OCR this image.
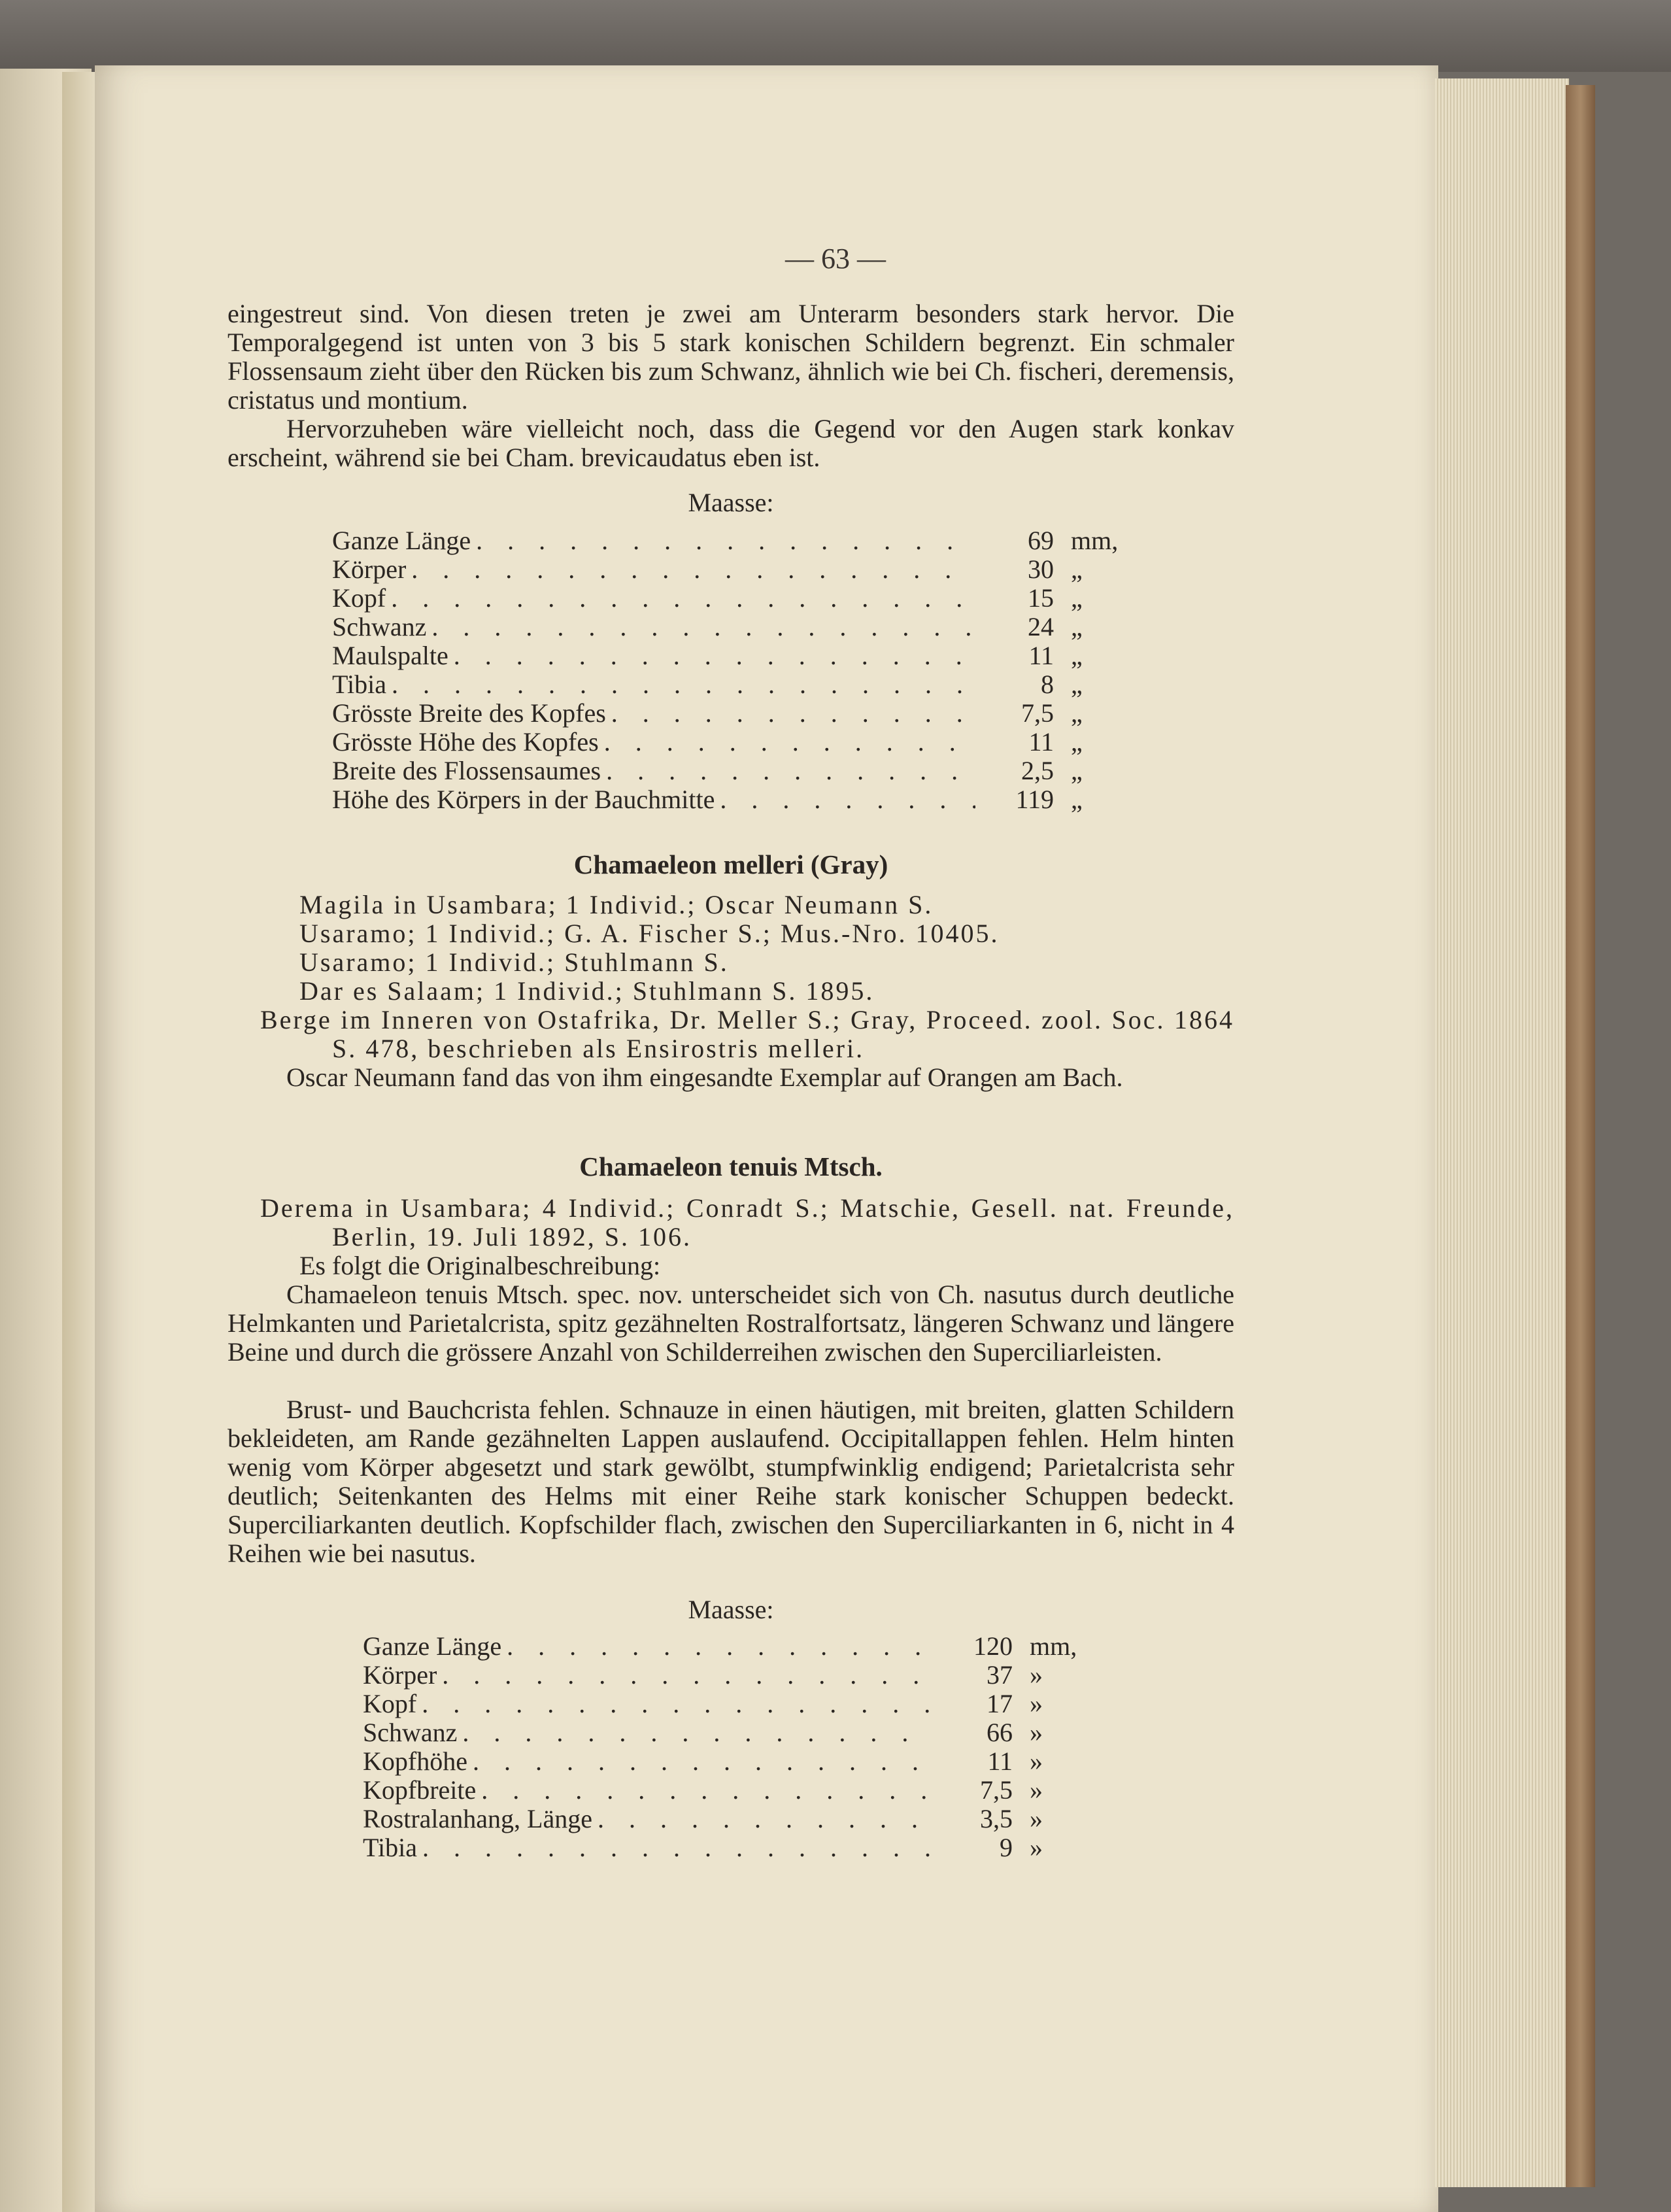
— 63 —

eingestreut sind. Von diesen treten je zwei am Unterarm besonders stark hervor. Die Temporalgegend ist unten von 3 bis 5 stark konischen Schildern begrenzt. Ein schmaler Flossensaum zieht über den Rücken bis zum Schwanz, ähnlich wie bei Ch. fischeri, deremensis, cristatus und montium.

Hervorzuheben wäre vielleicht noch, dass die Gegend vor den Augen stark konkav erscheint, während sie bei Cham. brevicaudatus eben ist.

Maasse:

Ganze Länge . . .	69 mm,
Körper . . .	30 „
Kopf . . .	15 „
Schwanz . . .	24 „
Maulspalte . . .	11 „
Tibia . . .	8 „
Grösste Breite des Kopfes . . .	7,5 „
Grösste Höhe des Kopfes . . .	11 „
Breite des Flossensaumes . . .	2,5 „
Höhe des Körpers in der Bauchmitte . . .	119 „
Chamaeleon melleri (Gray)

Magila in Usambara; 1 Individ.; Oscar Neumann S.

Usaramo; 1 Individ.; G. A. Fischer S.; Mus.-Nro. 10405.

Usaramo; 1 Individ.; Stuhlmann S.

Dar es Salaam; 1 Individ.; Stuhlmann S. 1895.

Berge im Inneren von Ostafrika, Dr. Meller S.; Gray, Proceed. zool. Soc. 1864 S. 478, beschrieben als Ensirostris melleri.

Oscar Neumann fand das von ihm eingesandte Exemplar auf Orangen am Bach.

Chamaeleon tenuis Mtsch.

Derema in Usambara; 4 Individ.; Conradt S.; Matschie, Gesell. nat. Freunde, Berlin, 19. Juli 1892, S. 106.

Es folgt die Originalbeschreibung:

Chamaeleon tenuis Mtsch. spec. nov. unterscheidet sich von Ch. nasutus durch deutliche Helmkanten und Parietalcrista, spitz gezähnelten Rostralfortsatz, längeren Schwanz und längere Beine und durch die grössere Anzahl von Schilderreihen zwischen den Superciliarleisten.

Brust- und Bauchcrista fehlen. Schnauze in einen häutigen, mit breiten, glatten Schildern bekleideten, am Rande gezähnelten Lappen auslaufend. Occipitallappen fehlen. Helm hinten wenig vom Körper abgesetzt und stark gewölbt, stumpfwinklig endigend; Parietalcrista sehr deutlich; Seitenkanten des Helms mit einer Reihe stark konischer Schuppen bedeckt. Superciliarkanten deutlich. Kopfschilder flach, zwischen den Superciliarkanten in 6, nicht in 4 Reihen wie bei nasutus.

Maasse:

Ganze Länge . . .	120 mm,
Körper . . .	37 »
Kopf . . .	17 »
Schwanz . . .	66 »
Kopfhöhe . . .	11 »
Kopfbreite . . .	7,5 »
Rostralanhang, Länge . . .	3,5 »
Tibia . . .	9 »
